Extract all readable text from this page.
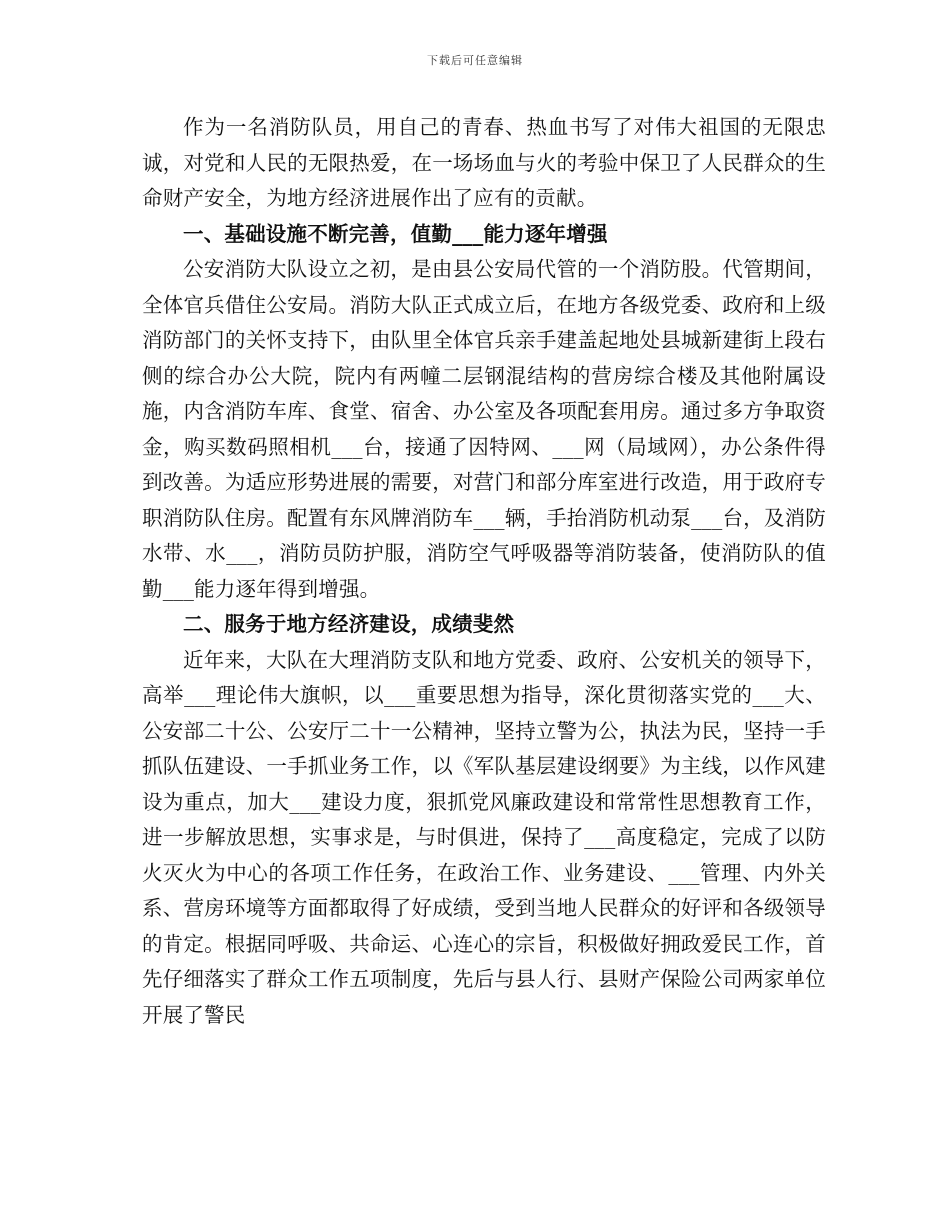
下载后可任意编辑

作为一名消防队员，用自己的青春、热血书写了对伟大祖国的无限忠诚，对党和人民的无限热爱，在一场场血与火的考验中保卫了人民群众的生命财产安全，为地方经济进展作出了应有的贡献。

一、基础设施不断完善，值勤___能力逐年增强

公安消防大队设立之初，是由县公安局代管的一个消防股。代管期间，全体官兵借住公安局。消防大队正式成立后，在地方各级党委、政府和上级消防部门的关怀支持下，由队里全体官兵亲手建盖起地处县城新建街上段右侧的综合办公大院，院内有两幢二层钢混结构的营房综合楼及其他附属设施，内含消防车库、食堂、宿舍、办公室及各项配套用房。通过多方争取资金，购买数码照相机___台，接通了因特网、___网（局域网），办公条件得到改善。为适应形势进展的需要，对营门和部分库室进行改造，用于政府专职消防队住房。配置有东风牌消防车___辆，手抬消防机动泵___台，及消防水带、水___，消防员防护服，消防空气呼吸器等消防装备，使消防队的值勤___能力逐年得到增强。

二、服务于地方经济建设，成绩斐然

近年来，大队在大理消防支队和地方党委、政府、公安机关的领导下，高举___理论伟大旗帜，以___重要思想为指导，深化贯彻落实党的___大、公安部二十公、公安厅二十一公精神，坚持立警为公，执法为民，坚持一手抓队伍建设、一手抓业务工作，以《军队基层建设纲要》为主线，以作风建设为重点，加大___建设力度，狠抓党风廉政建设和常常性思想教育工作，进一步解放思想，实事求是，与时俱进，保持了___高度稳定，完成了以防火灭火为中心的各项工作任务，在政治工作、业务建设、___管理、内外关系、营房环境等方面都取得了好成绩，受到当地人民群众的好评和各级领导的肯定。根据同呼吸、共命运、心连心的宗旨，积极做好拥政爱民工作，首先仔细落实了群众工作五项制度，先后与县人行、县财产保险公司两家单位开展了警民
